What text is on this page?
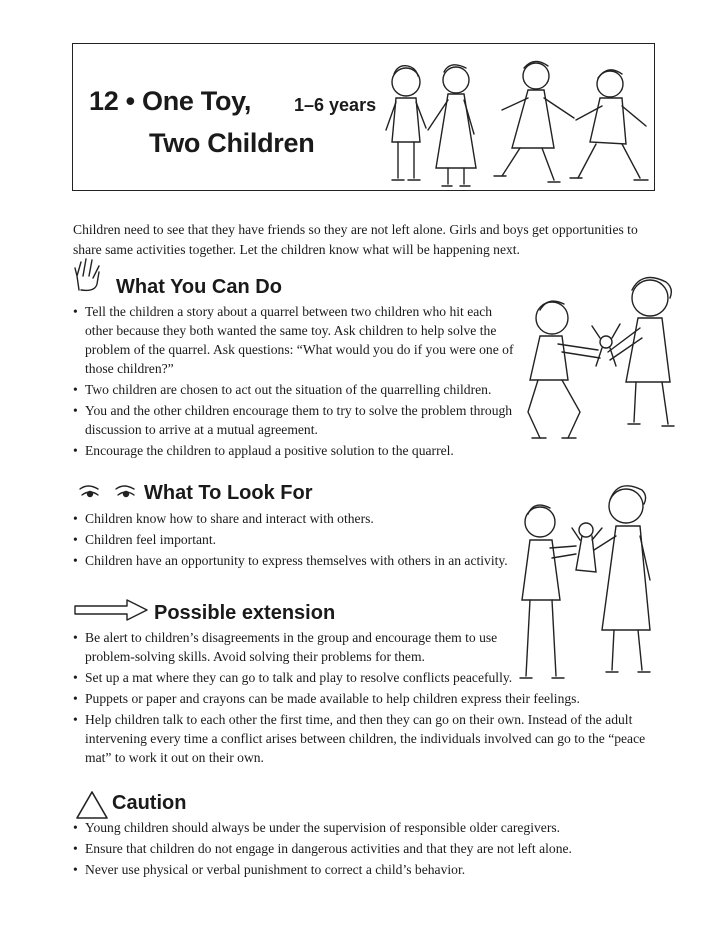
12 • One Toy, 1–6 years
Two Children

Children need to see that they have friends so they are not left alone. Girls and boys get opportunities to share same activities together. Let the children know what will be happening next.

What You Can Do
• Tell the children a story about a quarrel between two children who hit each other because they both wanted the same toy. Ask children to help solve the problem of the quarrel. Ask questions: “What would you do if you were one of those children?”
• Two children are chosen to act out the situation of the quarrelling children.
• You and the other children encourage them to try to solve the problem through discussion to arrive at a mutual agreement.
• Encourage the children to applaud a positive solution to the quarrel.
What To Look For
• Children know how to share and interact with others.
• Children feel important.
• Children have an opportunity to express themselves with others in an activity.
Possible extension
• Be alert to children’s disagreements in the group and encourage them to use problem-solving skills. Avoid solving their problems for them.
• Set up a mat where they can go to talk and play to resolve conflicts peacefully.
• Puppets or paper and crayons can be made available to help children express their feelings.
• Help children talk to each other the first time, and then they can go on their own. Instead of the adult intervening every time a conflict arises between children, the individuals involved can go to the “peace mat” to work it out on their own.
Caution
• Young children should always be under the supervision of responsible older caregivers.
• Ensure that children do not engage in dangerous activities and that they are not left alone.
• Never use physical or verbal punishment to correct a child’s behavior.
